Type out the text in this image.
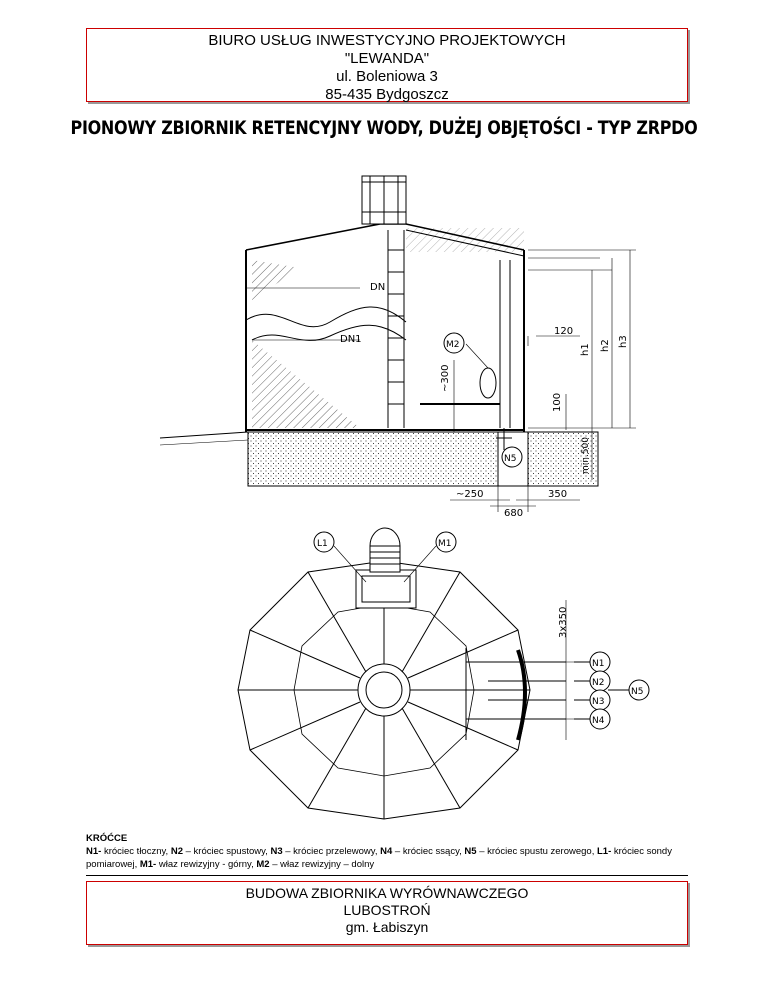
BIURO USŁUG INWESTYCYJNO PROJEKTOWYCH
"LEWANDA"
ul. Boleniowa 3
85-435 Bydgoszcz
PIONOWY ZBIORNIK RETENCYJNY WODY, DUŻEJ OBJĘTOŚCI - TYP ZRPDO
DN
DN1	M2
N5
120
~300
100
h1 h2 h3
min.500
~250	350
680
L1	M1
3x350
N1
N2
N3
N4
N5
KRÓĆCE
N1- króciec tłoczny, N2 – króciec spustowy, N3 – króciec przelewowy, N4 – króciec ssący, N5 – króciec spustu zerowego, L1- króciec sondy pomiarowej, M1- właz rewizyjny - górny, M2 – właz rewizyjny – dolny
BUDOWA ZBIORNIKA WYRÓWNAWCZEGO
LUBOSTROŃ
gm. Łabiszyn
